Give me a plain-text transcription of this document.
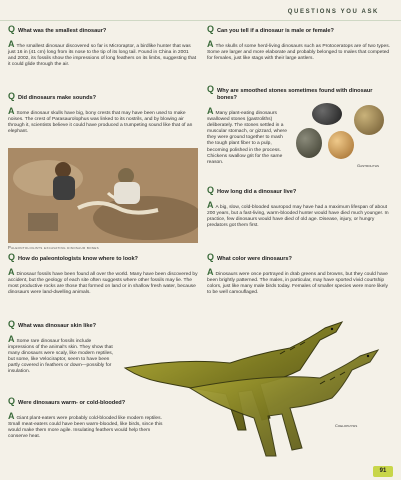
QUESTIONS YOU ASK
Q What was the smallest dinosaur?
A The smallest dinosaur discovered so far is Microraptor, a birdlike hunter that was just 16 in (41 cm) long from its nose to the tip of its long tail. Found in China in 2001 and 2002, its fossils show the impressions of long feathers on its limbs, suggesting that it could glide through the air.
Q Did dinosaurs make sounds?
A Some dinosaur skulls have big, bony crests that may have been used to make noises. The crest of Parasaurolophus was linked to its nostrils, and by blowing air through it, scientists believe it could have produced a trumpeting sound like that of an elephant.
Paleontologists excavating dinosaur bones
Q How do paleontologists know where to look?
A Dinosaur fossils have been found all over the world. Many have been discovered by accident, but the geology of each site often suggests where other fossils may lie. The most productive rocks are those that formed on land or in shallow fresh water, because dinosaurs were land-dwelling animals.
Q What was dinosaur skin like?
A Some rare dinosaur fossils include impressions of the animal's skin. They show that many dinosaurs were scaly, like modern reptiles, but some, like Velociraptor, seem to have been partly covered in feathers or down—possibly for insulation.
Q Were dinosaurs warm- or cold-blooded?
A Giant plant-eaters were probably cold-blooded like modern reptiles. Small meat-eaters could have been warm-blooded, like birds, since this would make them more agile. Insulating feathers would help them conserve heat.
Q Can you tell if a dinosaur is male or female?
A The skulls of some herd-living dinosaurs such as Protoceratops are of two types. Some are larger and more elaborate and probably belonged to males that competed for females, just like stags with their large antlers.
Q Why are smoothed stones sometimes found with dinosaur bones?
A Many plant-eating dinosaurs swallowed stones (gastroliths) deliberately. The stones settled in a muscular stomach, or gizzard, where they were ground together to mash the tough plant fiber to a pulp, becoming polished in the process. Chickens swallow grit for the same reason.
Gastroliths
Q How long did a dinosaur live?
A A big, slow, cold-blooded sauropod may have had a maximum lifespan of about 200 years, but a fast-living, warm-blooded hunter would have died much younger. In practice, few dinosaurs would have died of old age. Disease, injury, or hungry predators got them first.
Q What color were dinosaurs?
A Dinosaurs were once portrayed in drab greens and browns, but they could have been brightly patterned. The males, in particular, may have sported vivid courtship colors, just like many male birds today. Females of smaller species were more likely to be well camouflaged.
Coelophysis
91
